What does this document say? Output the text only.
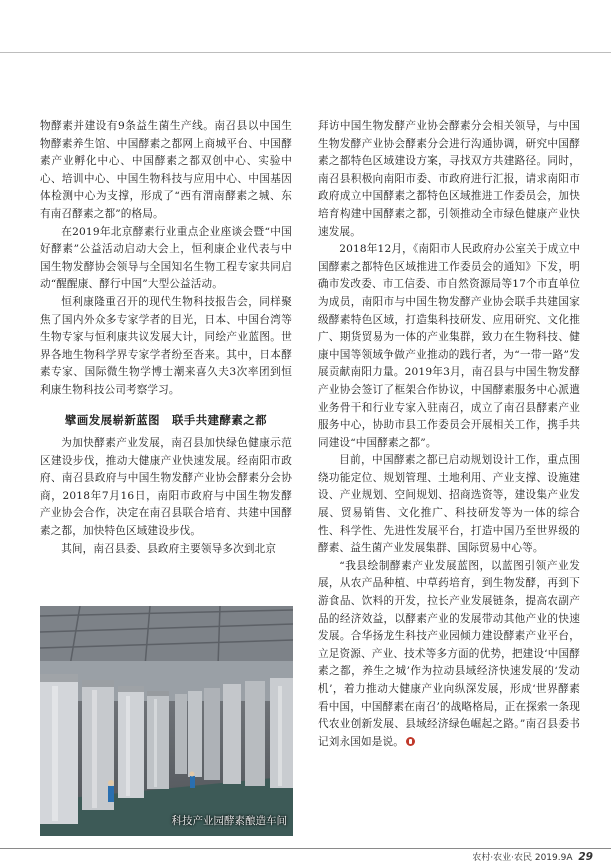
物酵素并建设有9条益生菌生产线。南召县以中国生物酵素养生馆、中国酵素之都网上商城平台、中国酵素产业孵化中心、中国酵素之都双创中心、实验中心、培训中心、中国生物科技与应用中心、中国基因体检测中心为支撑，形成了“西有渭南酵素之城、东有南召酵素之都”的格局。

在2019年北京酵素行业重点企业座谈会暨“中国好酵素”公益活动启动大会上，恒利康企业代表与中国生物发酵协会领导与全国知名生物工程专家共同启动“醒醒康、酵行中国”大型公益活动。

恒利康隆重召开的现代生物科技报告会，同样聚焦了国内外众多专家学者的目光，日本、中国台湾等生物专家与恒利康共议发展大计，同绘产业蓝图。世界各地生物科学界专家学者纷至沓来。其中，日本酵素专家、国际微生物学博士潮来喜久夫3次率团到恒利康生物科技公司考察学习。

擘画发展崭新蓝图　联手共建酵素之都

为加快酵素产业发展，南召县加快绿色健康示范区建设步伐，推动大健康产业快速发展。经南阳市政府、南召县政府与中国生物发酵产业协会酵素分会协商，2018年7月16日，南阳市政府与中国生物发酵产业协会合作，决定在南召县联合培育、共建中国酵素之都，加快特色区域建设步伐。

其间，南召县委、县政府主要领导多次到北京

科技产业园酵素酿造车间

拜访中国生物发酵产业协会酵素分会相关领导，与中国生物发酵产业协会酵素分会进行沟通协调，研究中国酵素之都特色区域建设方案，寻找双方共建路径。同时，南召县积极向南阳市委、市政府进行汇报，请求南阳市政府成立中国酵素之都特色区域推进工作委员会，加快培育构建中国酵素之都，引领推动全市绿色健康产业快速发展。

2018年12月，《南阳市人民政府办公室关于成立中国酵素之都特色区域推进工作委员会的通知》下发，明确市发改委、市工信委、市自然资源局等17个市直单位为成员，南阳市与中国生物发酵产业协会联手共建国家级酵素特色区域，打造集科技研发、应用研究、文化推广、期货贸易为一体的产业集群，致力在生物科技、健康中国等领域争做产业推动的践行者，为“一带一路”发展贡献南阳力量。2019年3月，南召县与中国生物发酵产业协会签订了框架合作协议，中国酵素服务中心派遣业务骨干和行业专家入驻南召，成立了南召县酵素产业服务中心，协助市县工作委员会开展相关工作，携手共同建设“中国酵素之都”。

目前，中国酵素之都已启动规划设计工作，重点围绕功能定位、规划管理、土地利用、产业支撑、设施建设、产业规划、空间规划、招商选资等，建设集产业发展、贸易销售、文化推广、科技研发等为一体的综合性、科学性、先进性发展平台，打造中国乃至世界级的酵素、益生菌产业发展集群、国际贸易中心等。

“我县绘制酵素产业发展蓝图，以蓝图引领产业发展，从农产品种植、中草药培育，到生物发酵，再到下游食品、饮料的开发，拉长产业发展链条，提高农副产品的经济效益，以酵素产业的发展带动其他产业的快速发展。合华扬龙生科技产业园倾力建设酵素产业平台，立足资源、产业、技术等多方面的优势，把建设‘中国酵素之都，养生之城’作为拉动县域经济快速发展的‘发动机’，着力推动大健康产业向纵深发展，形成‘世界酵素看中国，中国酵素在南召’的战略格局，正在探索一条现代农业创新发展、县域经济绿色崛起之路。”南召县委书记刘永国如是说。

农村·农业·农民 2019.9A 29
